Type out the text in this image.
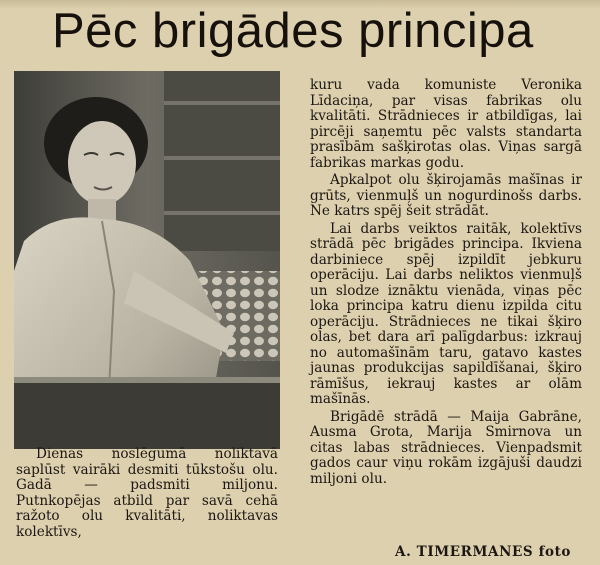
Pēc brigādes principa

Dienas noslēgumā noliktavā saplūst vairāki desmiti tūkstošu olu. Gadā — padsmiti miljonu. Putnkopējas atbild par savā cehā ražoto olu kvalitāti, noliktavas kolektīvs,

kuru vada komuniste Veronika Līdaciņa, par visas fabrikas olu kvalitāti. Strādnieces ir atbildīgas, lai pircēji saņemtu pēc valsts standarta prasībām sašķirotas olas. Viņas sargā fabrikas markas godu.

Apkalpot olu šķirojamās mašīnas ir grūts, vienmuļš un nogurdinošs darbs. Ne katrs spēj šeit strādāt.

Lai darbs veiktos raitāk, kolektīvs strādā pēc brigādes principa. Ikviena darbiniece spēj izpildīt jebkuru operāciju. Lai darbs neliktos vienmuļš un slodze iznāktu vienāda, viņas pēc loka principa katru dienu izpilda citu operāciju. Strādnieces ne tikai šķiro olas, bet dara arī palīgdarbus: izkrauj no automašīnām taru, gatavo kastes jaunas produkcijas sapildīšanai, šķiro rāmīšus, iekrauj kastes ar olām mašīnās.

Brigādē strādā — Maija Gabrāne, Ausma Grota, Marija Smirnova un citas labas strādnieces. Vienpadsmit gados caur viņu rokām izgājuši daudzi miljoni olu.

A. TIMERMANES foto
